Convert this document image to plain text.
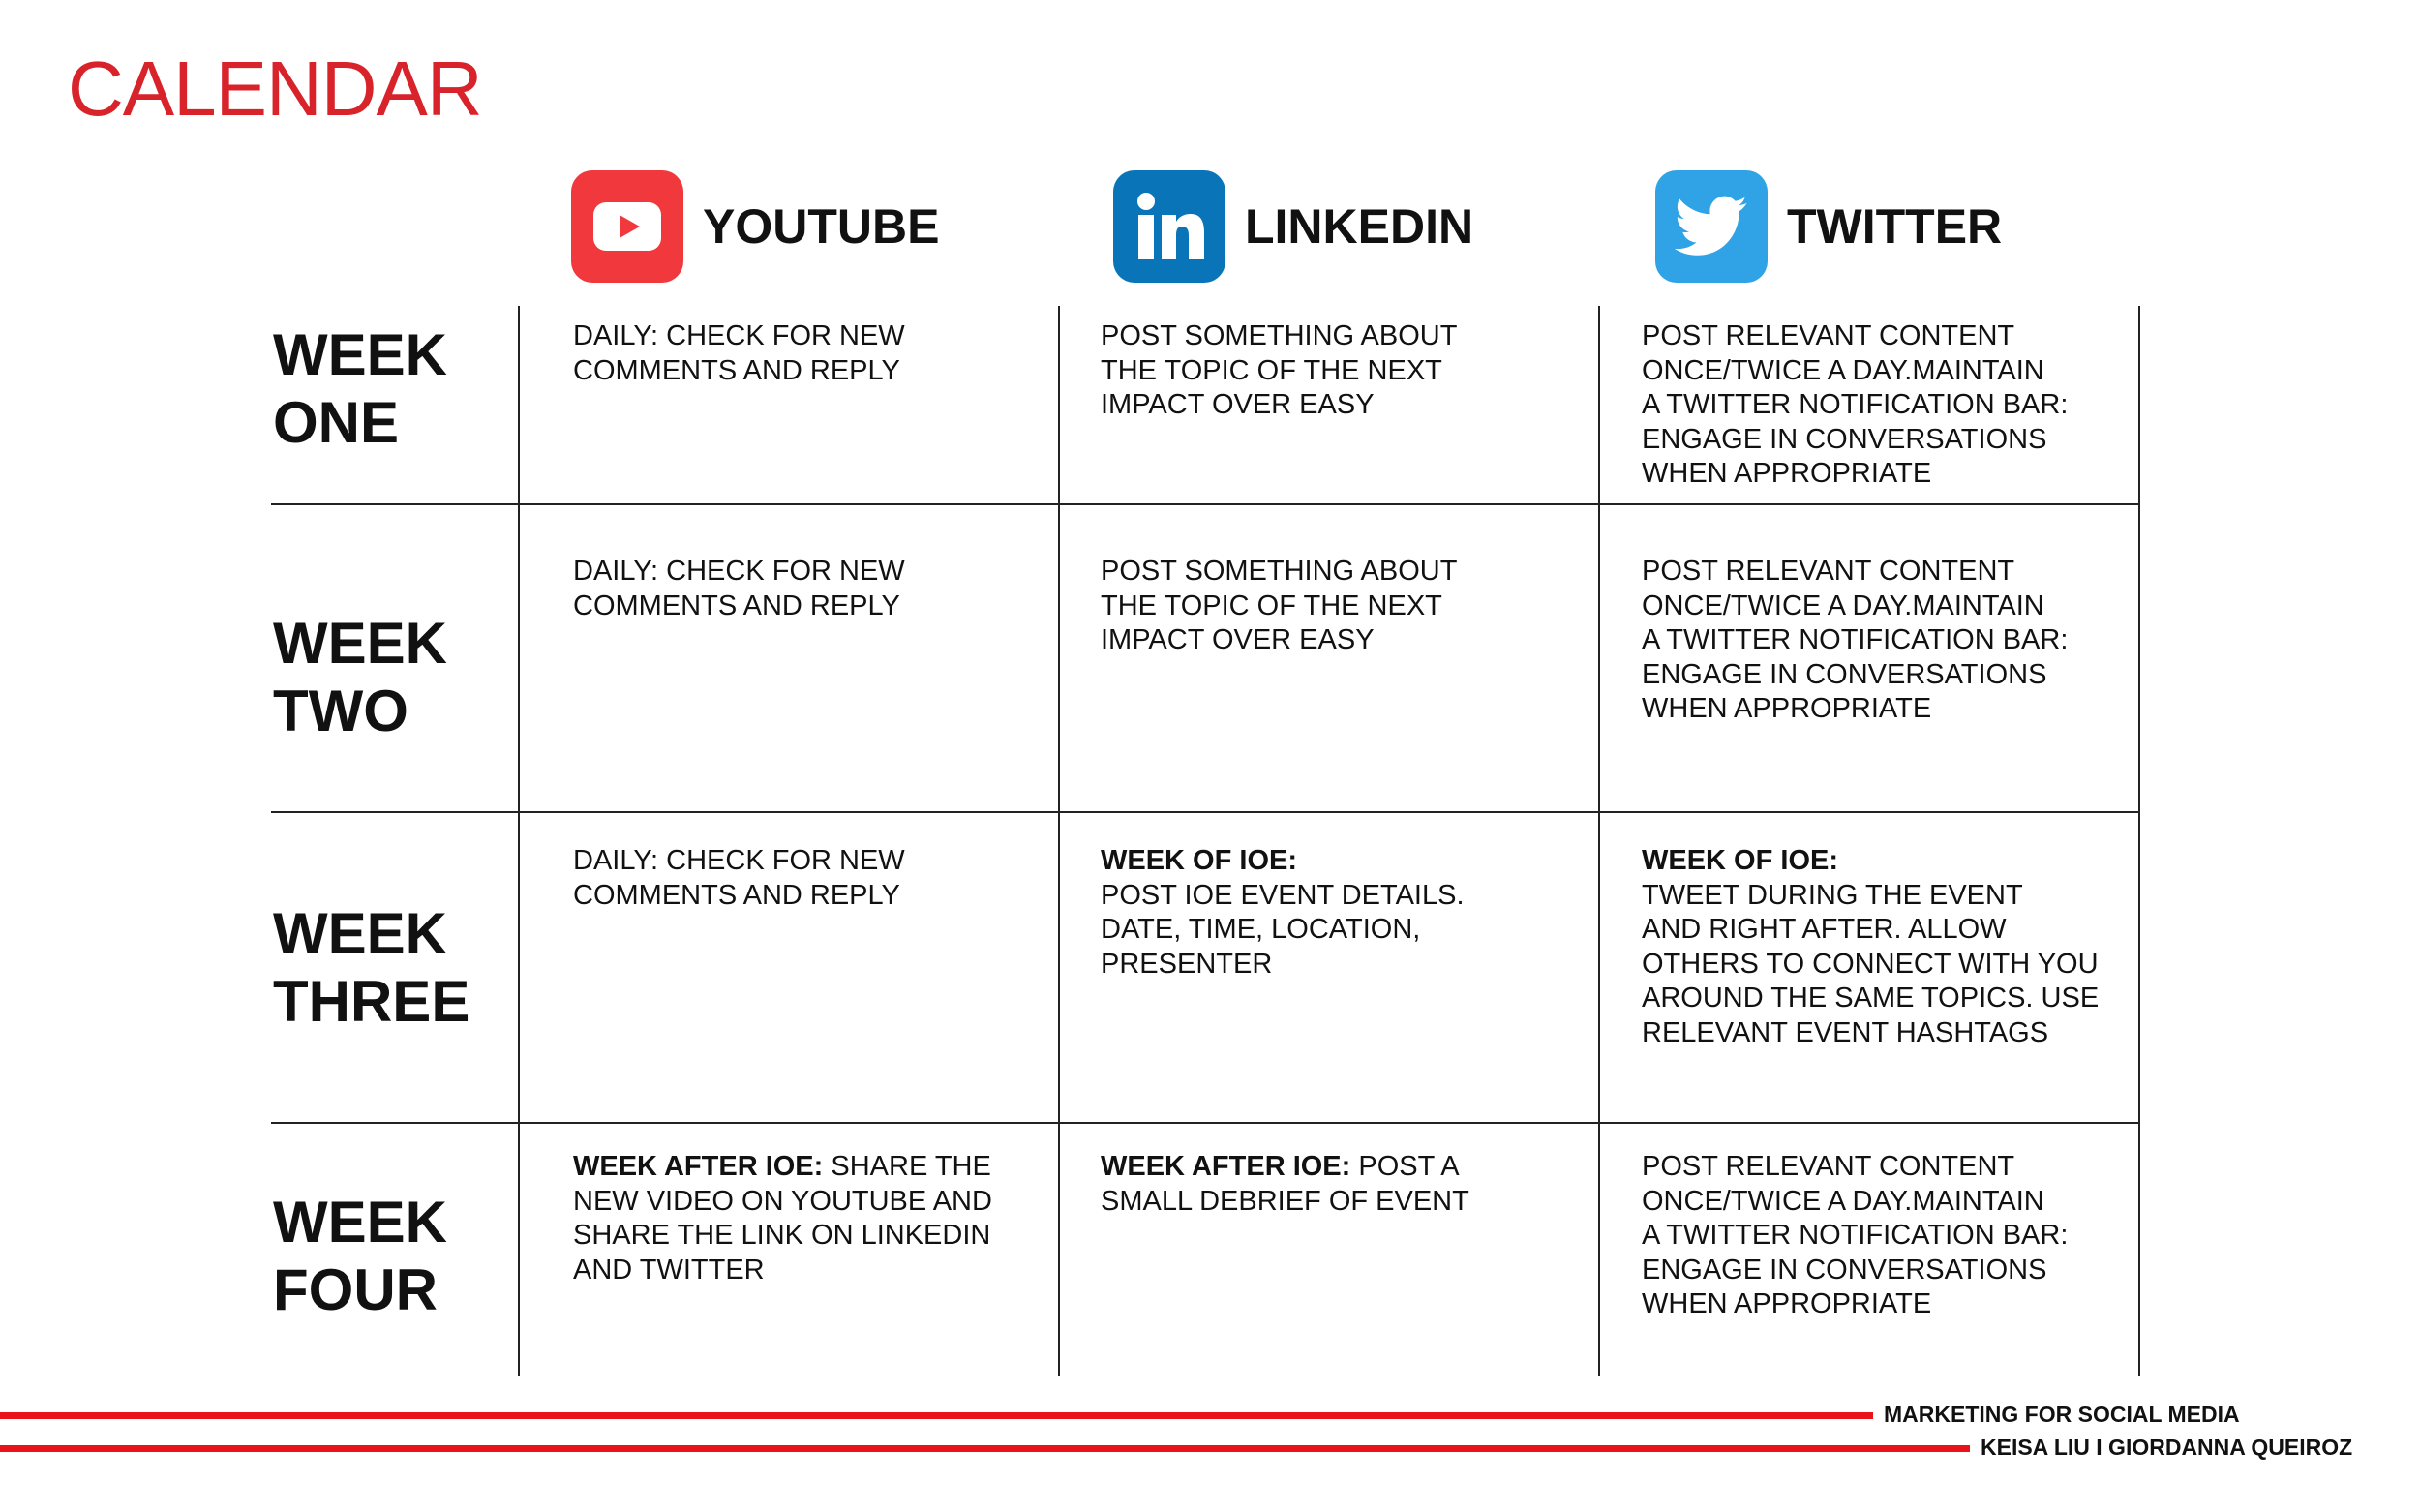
CALENDAR
YOUTUBE	LINKEDIN	TWITTER
WEEK
ONE
DAILY: CHECK FOR NEW
COMMENTS AND REPLY
POST SOMETHING ABOUT
THE TOPIC OF THE NEXT
IMPACT OVER EASY
POST RELEVANT CONTENT
ONCE/TWICE A DAY.MAINTAIN
A TWITTER NOTIFICATION BAR:
ENGAGE IN CONVERSATIONS
WHEN APPROPRIATE
WEEK
TWO
DAILY: CHECK FOR NEW
COMMENTS AND REPLY
POST SOMETHING ABOUT
THE TOPIC OF THE NEXT
IMPACT OVER EASY
POST RELEVANT CONTENT
ONCE/TWICE A DAY.MAINTAIN
A TWITTER NOTIFICATION BAR:
ENGAGE IN CONVERSATIONS
WHEN APPROPRIATE
WEEK
THREE
DAILY: CHECK FOR NEW
COMMENTS AND REPLY
WEEK OF IOE:
POST IOE EVENT DETAILS.
DATE, TIME, LOCATION,
PRESENTER
WEEK OF IOE:
TWEET DURING THE EVENT
AND RIGHT AFTER. ALLOW
OTHERS TO CONNECT WITH YOU
AROUND THE SAME TOPICS. USE
RELEVANT EVENT HASHTAGS
WEEK
FOUR
WEEK AFTER IOE: SHARE THE
NEW VIDEO ON YOUTUBE AND
SHARE THE LINK ON LINKEDIN
AND TWITTER
WEEK AFTER IOE: POST A
SMALL DEBRIEF OF EVENT
POST RELEVANT CONTENT
ONCE/TWICE A DAY.MAINTAIN
A TWITTER NOTIFICATION BAR:
ENGAGE IN CONVERSATIONS
WHEN APPROPRIATE
MARKETING FOR SOCIAL MEDIA
KEISA LIU I GIORDANNA QUEIROZ
